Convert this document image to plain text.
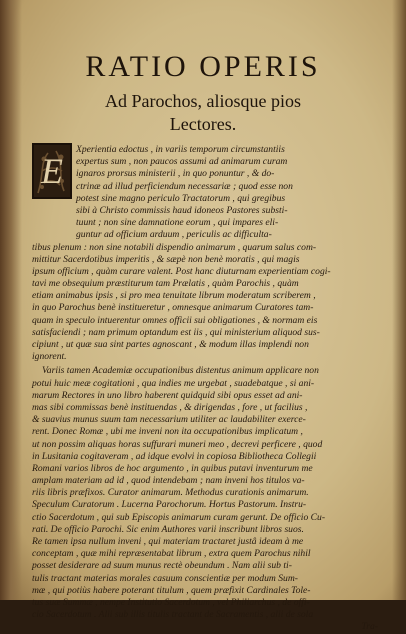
RATIO OPERIS
Ad Parochos, aliosque pios
Lectores.
E
Xperientia edoctus , in variis temporum circumstantiis
expertus sum , non paucos assumi ad animarum curam
ignaros prorsus ministerii , in quo ponuntur , & do-
ctrinæ ad illud perficiendum necessariæ ; quod esse non
potest sine magno periculo Tractatorum , qui gregibus
sibi à Christo commissis haud idoneos Pastores substi-
tuunt ; non sine damnatione eorum , qui impares eli-
guntur ad officium arduum , periculis ac difficulta-
tibus plenum : non sine notabili dispendio animarum , quarum salus com-
mittitur Sacerdotibus imperitis , & sæpè non benè moratis , qui magis
ipsum officium , quàm curare valent. Post hanc diuturnam experientiam cogi-
tavi me obsequium præstiturum tam Prælatis , quàm Parochis , quàm
etiam animabus ipsis , si pro mea tenuitate librum moderatum scriberem ,
in quo Parochus benè institueretur , omnesque animarum Curatores tam-
quam in speculo intuerentur omnes officii sui obligationes , & normam eis
satisfaciendi ; nam primum optandum est iis , qui ministerium aliquod sus-
cipiunt , ut quæ sua sint partes agnoscant , & modum illas implendi non
ignorent.
Variis tamen Academiæ occupationibus distentus animum applicare non
potui huic meæ cogitationi , qua indies me urgebat , suadebatque , si ani-
marum Rectores in uno libro haberent quidquid sibi opus esset ad ani-
mas sibi commissas benè instituendas , & dirigendas , fore , ut facilius ,
& suavius munus suum tam necessarium utiliter ac laudabiliter exerce-
rent. Donec Romæ , ubi me inveni non ita occupationibus implicatum ,
ut non possim aliquas horas suffurari muneri meo , decrevi perficere , quod
in Lusitania cogitaveram , ad idque evolvi in copiosa Bibliotheca Collegii
Romani varios libros de hoc argumento , in quibus putavi inventurum me
amplam materiam ad id , quod intendebam ; nam inveni hos titulos va-
riis libris præfixos. Curator animarum. Methodus curationis animarum.
Speculum Curatorum . Lucerna Parochorum. Hortus Pastorum. Instru-
ctio Sacerdotum , qui sub Episcopis animarum curam gerunt. De officio Cu-
rati. De officio Parochi. Sic enim Authores varii inscribunt libros suos.
Re tamen ipsa nullum inveni , qui materiam tractaret justâ ideam à me
conceptam , quæ mihi repræsentabat librum , extra quem Parochus nihil
posset desiderare ad suum munus rectè obeundum . Nam alii sub ti-
tulis tractant materias morales casuum conscientiæ per modum Sum-
mæ , qui potiùs habere poterant titulum , quem præfixit Cardinales Tole-
tus suæ Summæ , nempe Institutio Sacerdotum , vel Philiarchus , de offi-
cio Sacerdotum . Alii sub illis titulis tractant de Sacramentis , alii de sola
Tra-
